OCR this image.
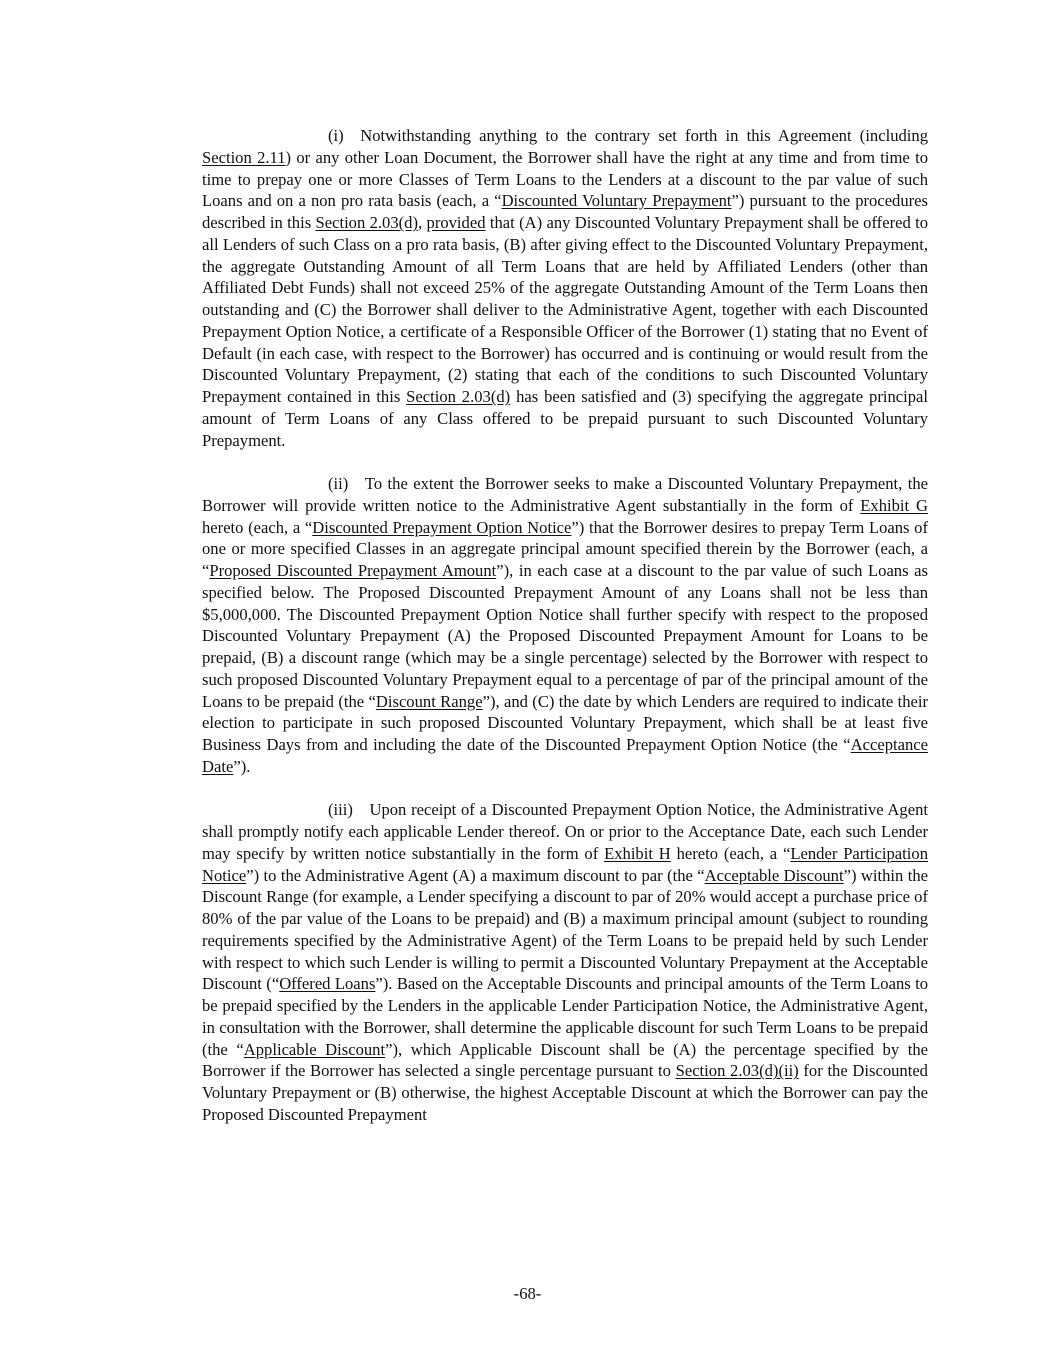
(i)  Notwithstanding anything to the contrary set forth in this Agreement (including Section 2.11) or any other Loan Document, the Borrower shall have the right at any time and from time to time to prepay one or more Classes of Term Loans to the Lenders at a discount to the par value of such Loans and on a non pro rata basis (each, a “Discounted Voluntary Prepayment”) pursuant to the procedures described in this Section 2.03(d), provided that (A) any Discounted Voluntary Prepayment shall be offered to all Lenders of such Class on a pro rata basis, (B) after giving effect to the Discounted Voluntary Prepayment, the aggregate Outstanding Amount of all Term Loans that are held by Affiliated Lenders (other than Affiliated Debt Funds) shall not exceed 25% of the aggregate Outstanding Amount of the Term Loans then outstanding and (C) the Borrower shall deliver to the Administrative Agent, together with each Discounted Prepayment Option Notice, a certificate of a Responsible Officer of the Borrower (1) stating that no Event of Default (in each case, with respect to the Borrower) has occurred and is continuing or would result from the Discounted Voluntary Prepayment, (2) stating that each of the conditions to such Discounted Voluntary Prepayment contained in this Section 2.03(d) has been satisfied and (3) specifying the aggregate principal amount of Term Loans of any Class offered to be prepaid pursuant to such Discounted Voluntary Prepayment.

(ii)  To the extent the Borrower seeks to make a Discounted Voluntary Prepayment, the Borrower will provide written notice to the Administrative Agent substantially in the form of Exhibit G hereto (each, a “Discounted Prepayment Option Notice”) that the Borrower desires to prepay Term Loans of one or more specified Classes in an aggregate principal amount specified therein by the Borrower (each, a “Proposed Discounted Prepayment Amount”), in each case at a discount to the par value of such Loans as specified below. The Proposed Discounted Prepayment Amount of any Loans shall not be less than $5,000,000. The Discounted Prepayment Option Notice shall further specify with respect to the proposed Discounted Voluntary Prepayment (A) the Proposed Discounted Prepayment Amount for Loans to be prepaid, (B) a discount range (which may be a single percentage) selected by the Borrower with respect to such proposed Discounted Voluntary Prepayment equal to a percentage of par of the principal amount of the Loans to be prepaid (the “Discount Range”), and (C) the date by which Lenders are required to indicate their election to participate in such proposed Discounted Voluntary Prepayment, which shall be at least five Business Days from and including the date of the Discounted Prepayment Option Notice (the “Acceptance Date”).

(iii)  Upon receipt of a Discounted Prepayment Option Notice, the Administrative Agent shall promptly notify each applicable Lender thereof. On or prior to the Acceptance Date, each such Lender may specify by written notice substantially in the form of Exhibit H hereto (each, a “Lender Participation Notice”) to the Administrative Agent (A) a maximum discount to par (the “Acceptable Discount”) within the Discount Range (for example, a Lender specifying a discount to par of 20% would accept a purchase price of 80% of the par value of the Loans to be prepaid) and (B) a maximum principal amount (subject to rounding requirements specified by the Administrative Agent) of the Term Loans to be prepaid held by such Lender with respect to which such Lender is willing to permit a Discounted Voluntary Prepayment at the Acceptable Discount (“Offered Loans”). Based on the Acceptable Discounts and principal amounts of the Term Loans to be prepaid specified by the Lenders in the applicable Lender Participation Notice, the Administrative Agent, in consultation with the Borrower, shall determine the applicable discount for such Term Loans to be prepaid (the “Applicable Discount”), which Applicable Discount shall be (A) the percentage specified by the Borrower if the Borrower has selected a single percentage pursuant to Section 2.03(d)(ii) for the Discounted Voluntary Prepayment or (B) otherwise, the highest Acceptable Discount at which the Borrower can pay the Proposed Discounted Prepayment

-68-
